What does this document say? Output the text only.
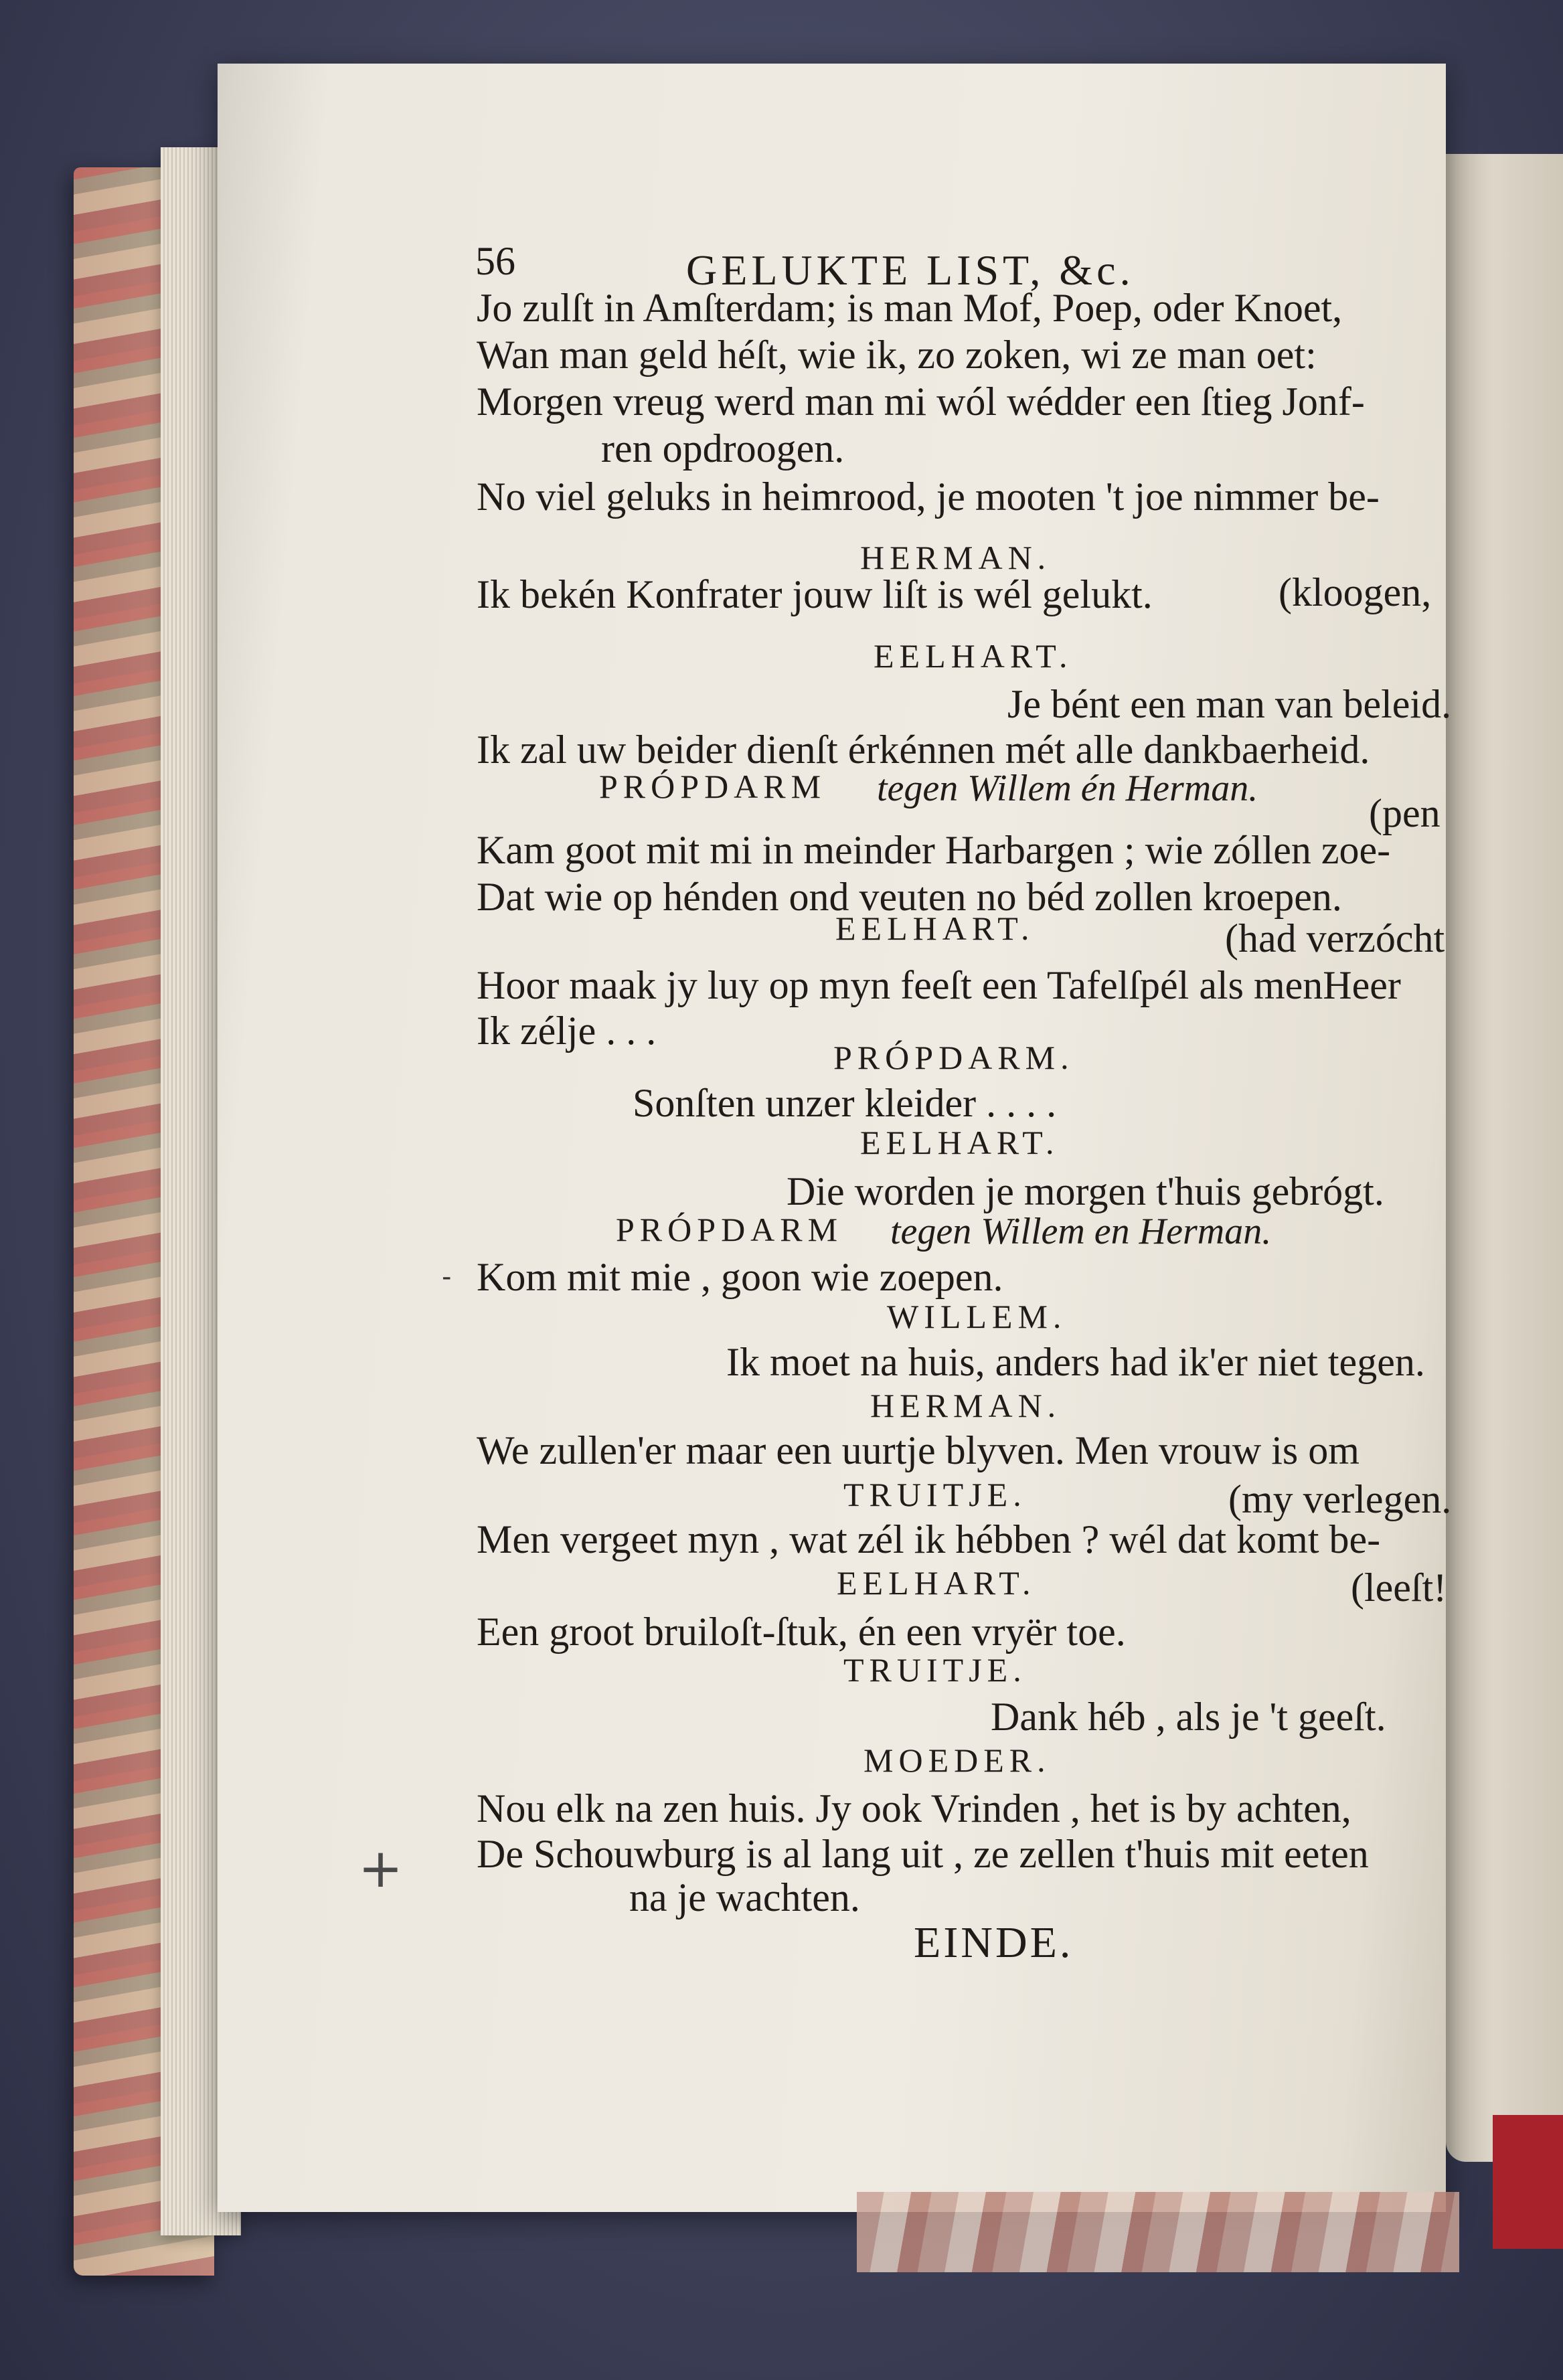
+
-
56	GELUKTE LIST, &c.
Jo zulſt in Amſterdam; is man Mof, Poep, oder Knoet,
Wan man geld héſt, wie ik, zo zoken, wi ze man oet:
Morgen vreug werd man mi wól wédder een ſtieg Jonf-
ren opdroogen.
No viel geluks in heimrood, je mooten 't joe nimmer be-
HERMAN.
(kloogen,
Ik bekén Konfrater jouw liſt is wél gelukt.
EELHART.
Je bént een man van beleid.
Ik zal uw beider dienſt érkénnen mét alle dankbaerheid.
PRÓPDARM tegen Willem én Herman.
(pen
Kam goot mit mi in meinder Harbargen ; wie zóllen zoe-
Dat wie op hénden ond veuten no béd zollen kroepen.
EELHART.	(had verzócht
Hoor maak jy luy op myn feeſt een Tafelſpél als menHeer
Ik zélje . . .
PRÓPDARM.
Sonſten unzer kleider . . . .
EELHART.
Die worden je morgen t'huis gebrógt.
PRÓPDARM tegen Willem en Herman.
Kom mit mie , goon wie zoepen.
WILLEM.
Ik moet na huis, anders had ik'er niet tegen.
HERMAN.
We zullen'er maar een uurtje blyven. Men vrouw is om
TRUITJE.	(my verlegen.
Men vergeet myn , wat zél ik hébben ? wél dat komt be-
EELHART.	(leeſt!
Een groot bruiloſt-ſtuk, én een vryër toe.
TRUITJE.
Dank héb , als je 't geeſt.
MOEDER.
Nou elk na zen huis. Jy ook Vrinden , het is by achten,
De Schouwburg is al lang uit , ze zellen t'huis mit eeten
na je wachten.
EINDE.
